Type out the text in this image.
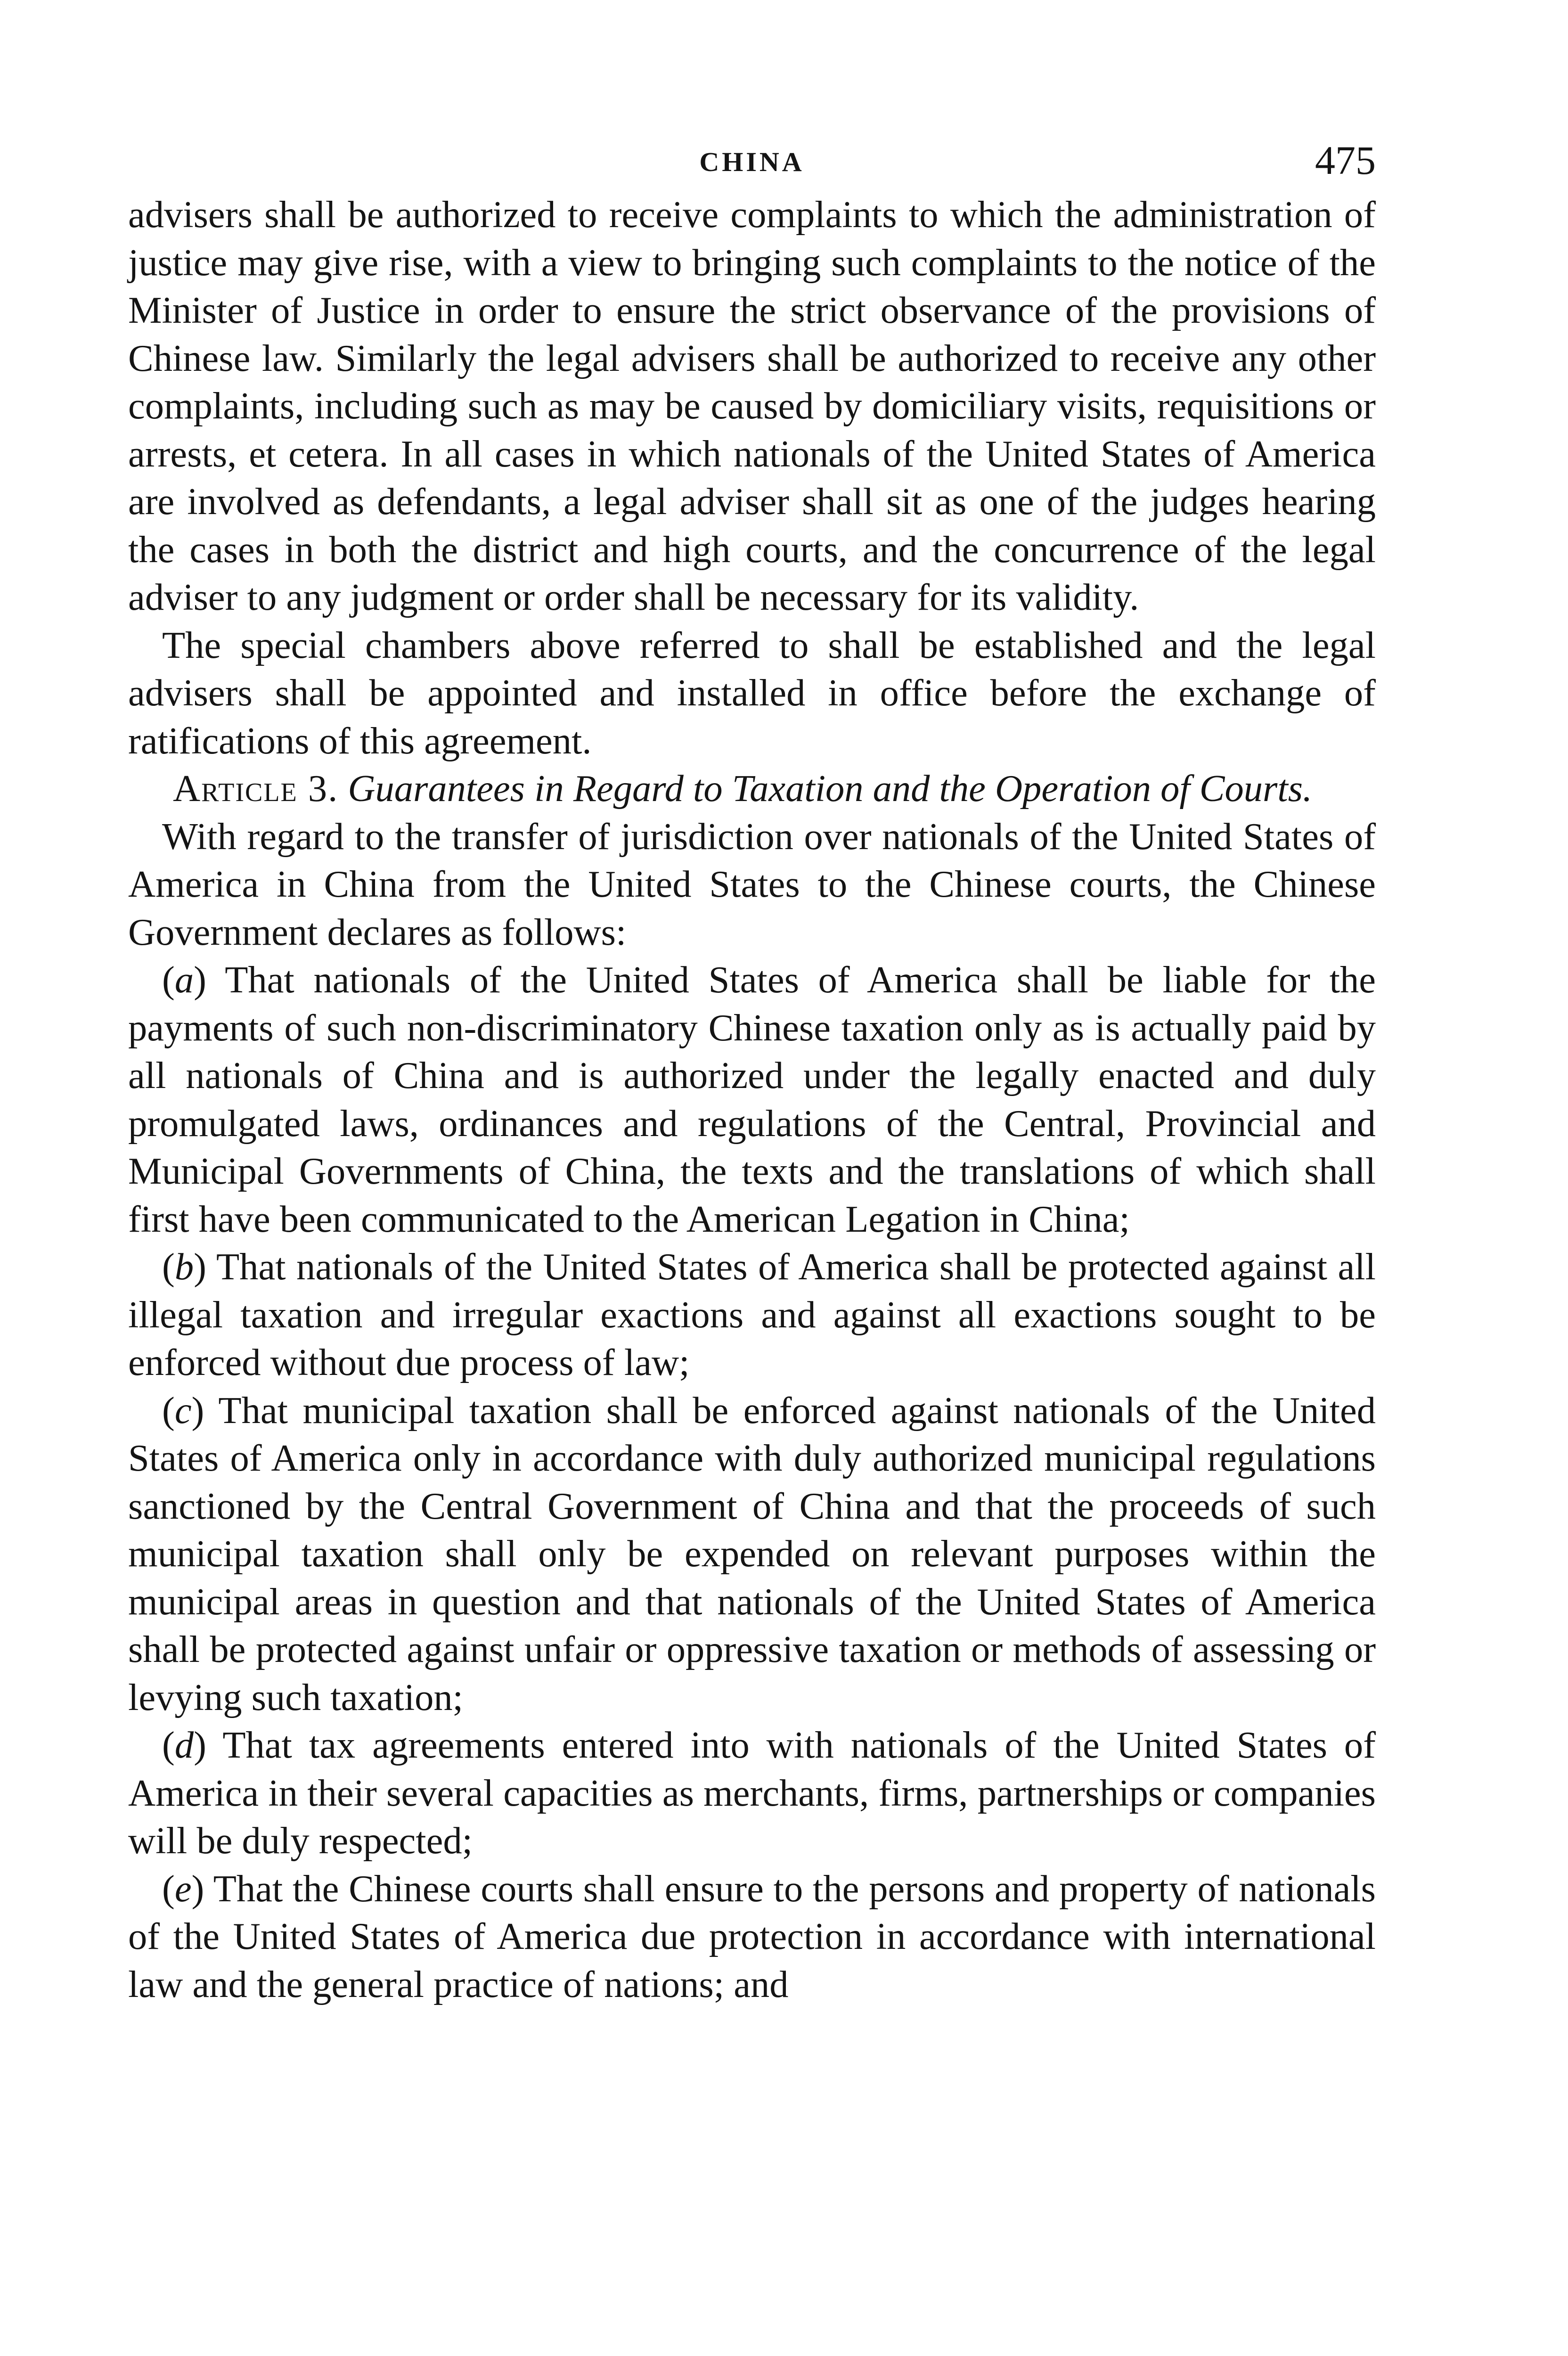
CHINA	475

advisers shall be authorized to receive complaints to which the administration of justice may give rise, with a view to bringing such complaints to the notice of the Minister of Justice in order to ensure the strict observance of the provisions of Chinese law. Similarly the legal advisers shall be authorized to receive any other complaints, including such as may be caused by domiciliary visits, requisitions or arrests, et cetera. In all cases in which nationals of the United States of America are involved as defendants, a legal adviser shall sit as one of the judges hearing the cases in both the district and high courts, and the concurrence of the legal adviser to any judgment or order shall be necessary for its validity.

The special chambers above referred to shall be established and the legal advisers shall be appointed and installed in office before the exchange of ratifications of this agreement.

Article 3. Guarantees in Regard to Taxation and the Operation of Courts.

With regard to the transfer of jurisdiction over nationals of the United States of America in China from the United States to the Chinese courts, the Chinese Government declares as follows:

(a) That nationals of the United States of America shall be liable for the payments of such non-discriminatory Chinese taxation only as is actually paid by all nationals of China and is authorized under the legally enacted and duly promulgated laws, ordinances and regulations of the Central, Provincial and Municipal Governments of China, the texts and the translations of which shall first have been communicated to the American Legation in China;

(b) That nationals of the United States of America shall be protected against all illegal taxation and irregular exactions and against all exactions sought to be enforced without due process of law;

(c) That municipal taxation shall be enforced against nationals of the United States of America only in accordance with duly authorized municipal regulations sanctioned by the Central Government of China and that the proceeds of such municipal taxation shall only be expended on relevant purposes within the municipal areas in question and that nationals of the United States of America shall be protected against unfair or oppressive taxation or methods of assessing or levying such taxation;

(d) That tax agreements entered into with nationals of the United States of America in their several capacities as merchants, firms, partnerships or companies will be duly respected;

(e) That the Chinese courts shall ensure to the persons and property of nationals of the United States of America due protection in accordance with international law and the general practice of nations; and
